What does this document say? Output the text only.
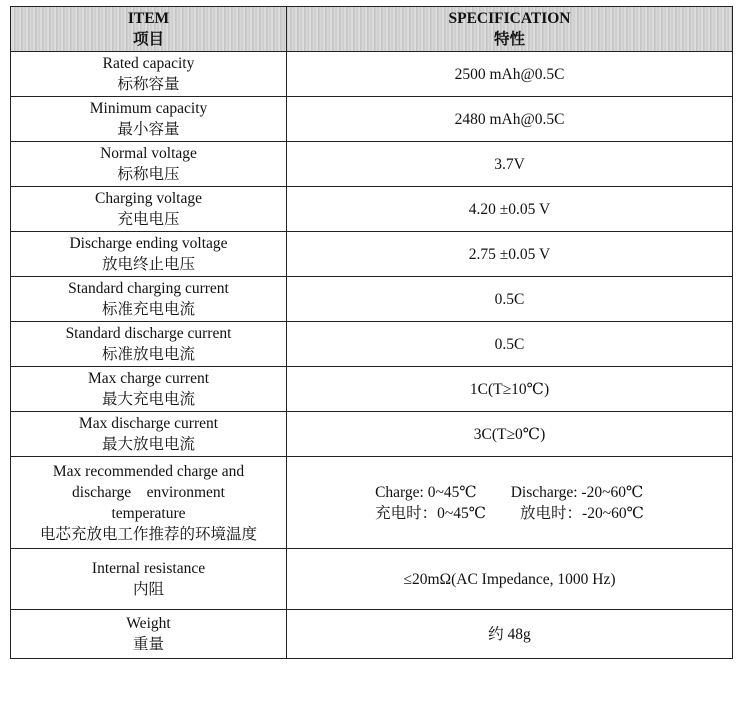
ITEM
项目	SPECIFICATION
特性

Rated capacity
标称容量	2500 mAh@0.5C

Minimum capacity
最小容量	2480 mAh@0.5C

Normal voltage
标称电压	3.7V

Charging voltage
充电电压	4.20 ±0.05 V

Discharge ending voltage
放电终止电压	2.75 ±0.05 V

Standard charging current
标准充电电流	0.5C

Standard discharge current
标准放电电流	0.5C

Max charge current
最大充电电流	1C(T≥10℃)

Max discharge current
最大放电电流	3C(T≥0℃)

Max recommended charge and
discharge    environment
temperature
电芯充放电工作推荐的环境温度	Charge: 0~45℃ Discharge: -20~60℃
充电时：0~45℃ 放电时：-20~60℃

Internal resistance
内阻	≤20mΩ(AC Impedance, 1000 Hz)

Weight
重量	约 48g
